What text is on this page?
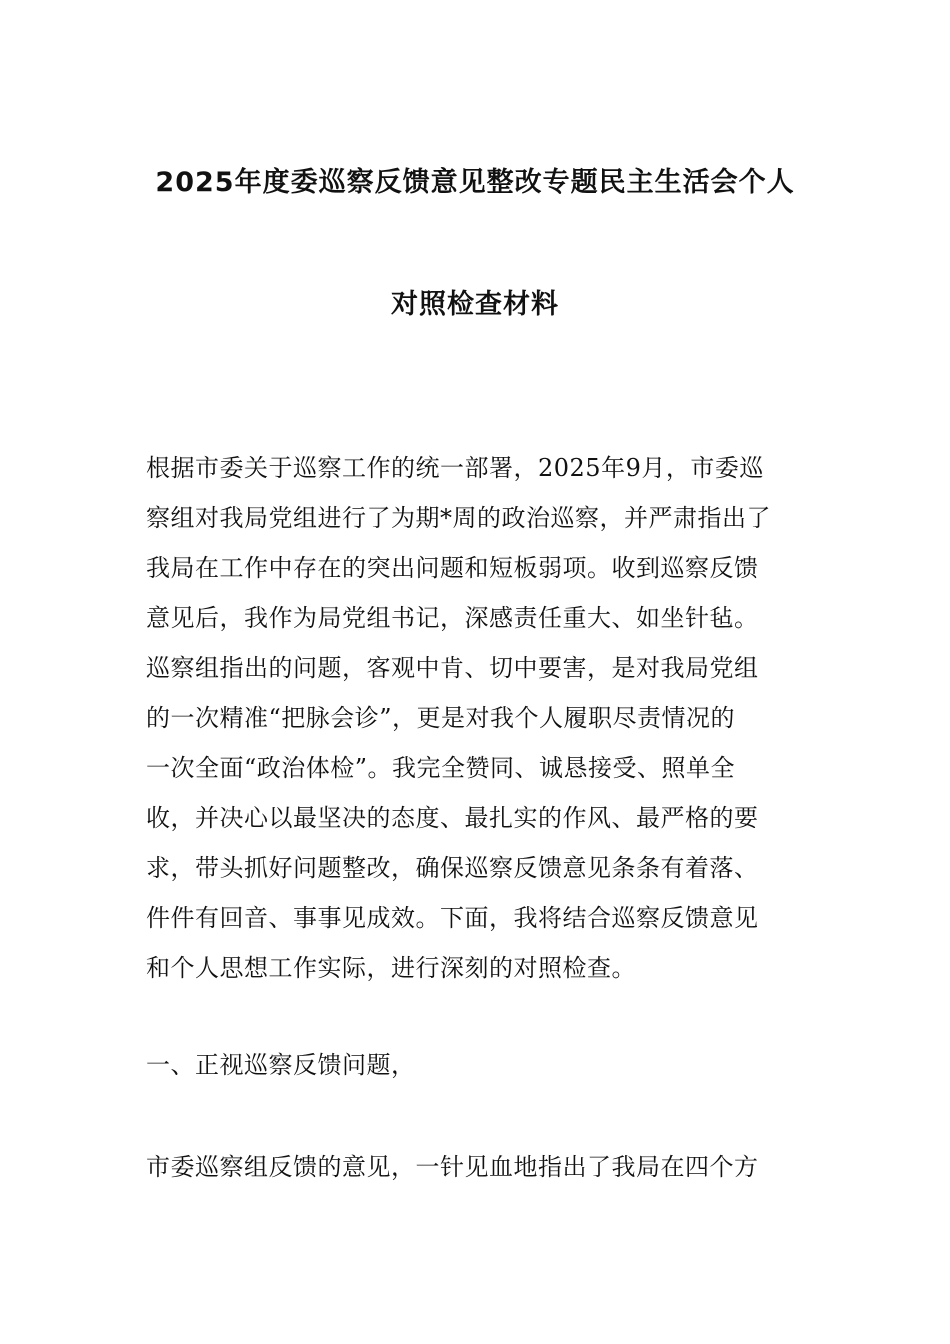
2025年度委巡察反馈意见整改专题民主生活会个人
对照检查材料
根据市委关于巡察工作的统一部署，2025年9月，市委巡
察组对我局党组进行了为期*周的政治巡察，并严肃指出了
我局在工作中存在的突出问题和短板弱项。收到巡察反馈
意见后，我作为局党组书记，深感责任重大、如坐针毡。
巡察组指出的问题，客观中肯、切中要害，是对我局党组
的一次精准“把脉会诊”，更是对我个人履职尽责情况的
一次全面“政治体检”。我完全赞同、诚恳接受、照单全
收，并决心以最坚决的态度、最扎实的作风、最严格的要
求，带头抓好问题整改，确保巡察反馈意见条条有着落、
件件有回音、事事见成效。下面，我将结合巡察反馈意见
和个人思想工作实际，进行深刻的对照检查。
一、正视巡察反馈问题，
市委巡察组反馈的意见，一针见血地指出了我局在四个方
